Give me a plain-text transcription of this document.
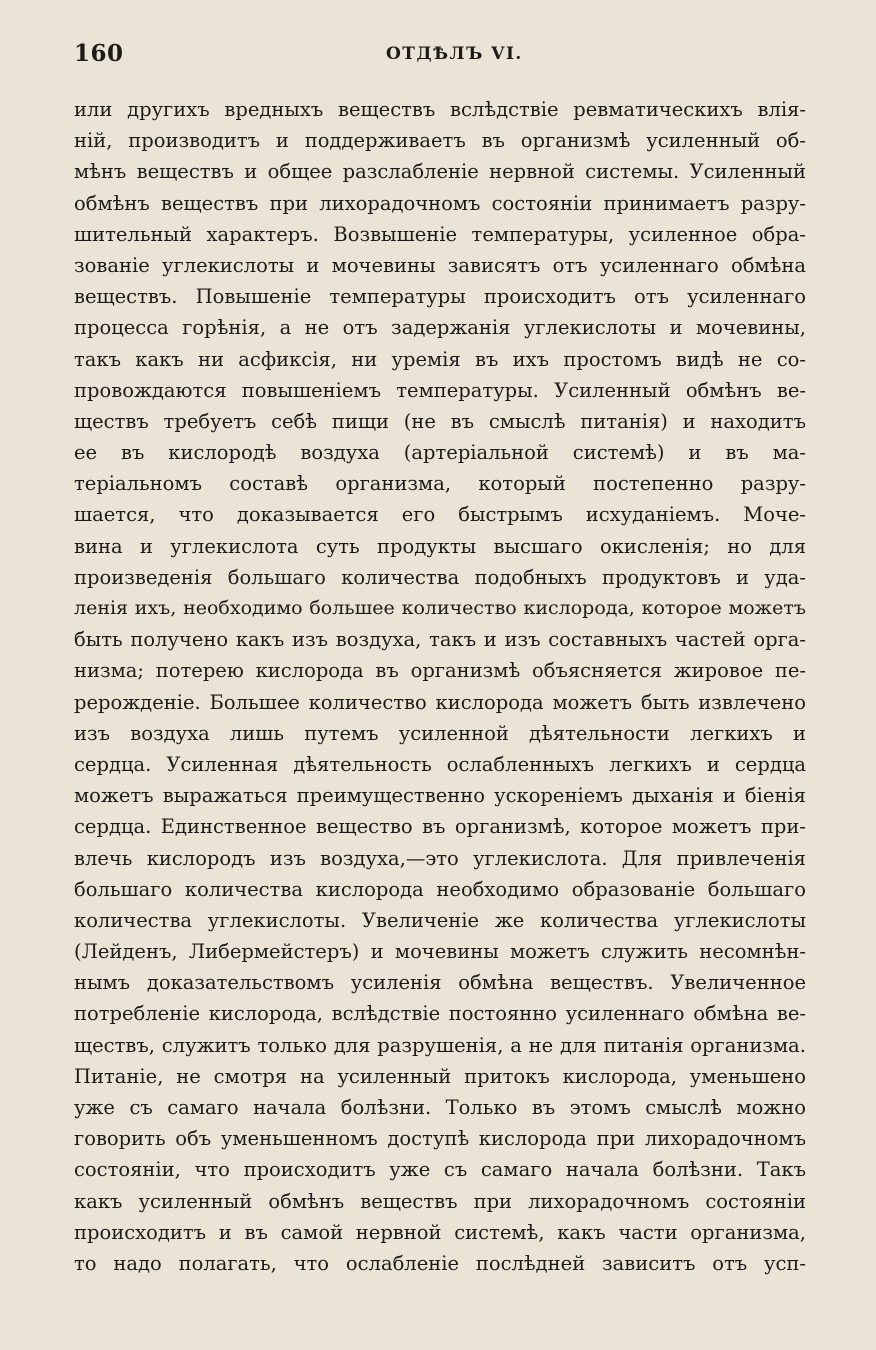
160	ОТДѢЛЪ VI.
или другихъ вредныхъ веществъ вслѣдствіе ревматическихъ влія-
ній, производитъ и поддерживаетъ въ организмѣ усиленный об-
мѣнъ веществъ и общее разслабленіе нервной системы. Усиленный
обмѣнъ веществъ при лихорадочномъ состояніи принимаетъ разру-
шительный характеръ. Возвышеніе температуры, усиленное обра-
зованіе углекислоты и мочевины зависятъ отъ усиленнаго обмѣна
веществъ. Повышеніе температуры происходитъ отъ усиленнаго
процесса горѣнія, а не отъ задержанія углекислоты и мочевины,
такъ какъ ни асфиксія, ни уремія въ ихъ простомъ видѣ не со-
провождаются повышеніемъ температуры. Усиленный обмѣнъ ве-
ществъ требуетъ себѣ пищи (не въ смыслѣ питанія) и находитъ
ее въ кислородѣ воздуха (артеріальной системѣ) и въ ма-
теріальномъ составѣ организма, который постепенно разру-
шается, что доказывается его быстрымъ исхуданіемъ. Моче-
вина и углекислота суть продукты высшаго окисленія; но для
произведенія большаго количества подобныхъ продуктовъ и уда-
ленія ихъ, необходимо большее количество кислорода, которое можетъ
быть получено какъ изъ воздуха, такъ и изъ составныхъ частей орга-
низма; потерею кислорода въ организмѣ объясняется жировое пе-
рерожденіе. Большее количество кислорода можетъ быть извлечено
изъ воздуха лишь путемъ усиленной дѣятельности легкихъ и
сердца. Усиленная дѣятельность ослабленныхъ легкихъ и сердца
можетъ выражаться преимущественно ускореніемъ дыханія и біенія
сердца. Единственное вещество въ организмѣ, которое можетъ при-
влечь кислородъ изъ воздуха,—это углекислота. Для привлеченія
большаго количества кислорода необходимо образованіе большаго
количества углекислоты. Увеличеніе же количества углекислоты
(Лейденъ, Либермейстеръ) и мочевины можетъ служить несомнѣн-
нымъ доказательствомъ усиленія обмѣна веществъ. Увеличенное
потребленіе кислорода, вслѣдствіе постоянно усиленнаго обмѣна ве-
ществъ, служитъ только для разрушенія, а не для питанія организма.
Питаніе, не смотря на усиленный притокъ кислорода, уменьшено
уже съ самаго начала болѣзни. Только въ этомъ смыслѣ можно
говорить объ уменьшенномъ доступѣ кислорода при лихорадочномъ
состояніи, что происходитъ уже съ самаго начала болѣзни. Такъ
какъ усиленный обмѣнъ веществъ при лихорадочномъ состояніи
происходитъ и въ самой нервной системѣ, какъ части организма,
то надо полагать, что ослабленіе послѣдней зависитъ отъ усп-
